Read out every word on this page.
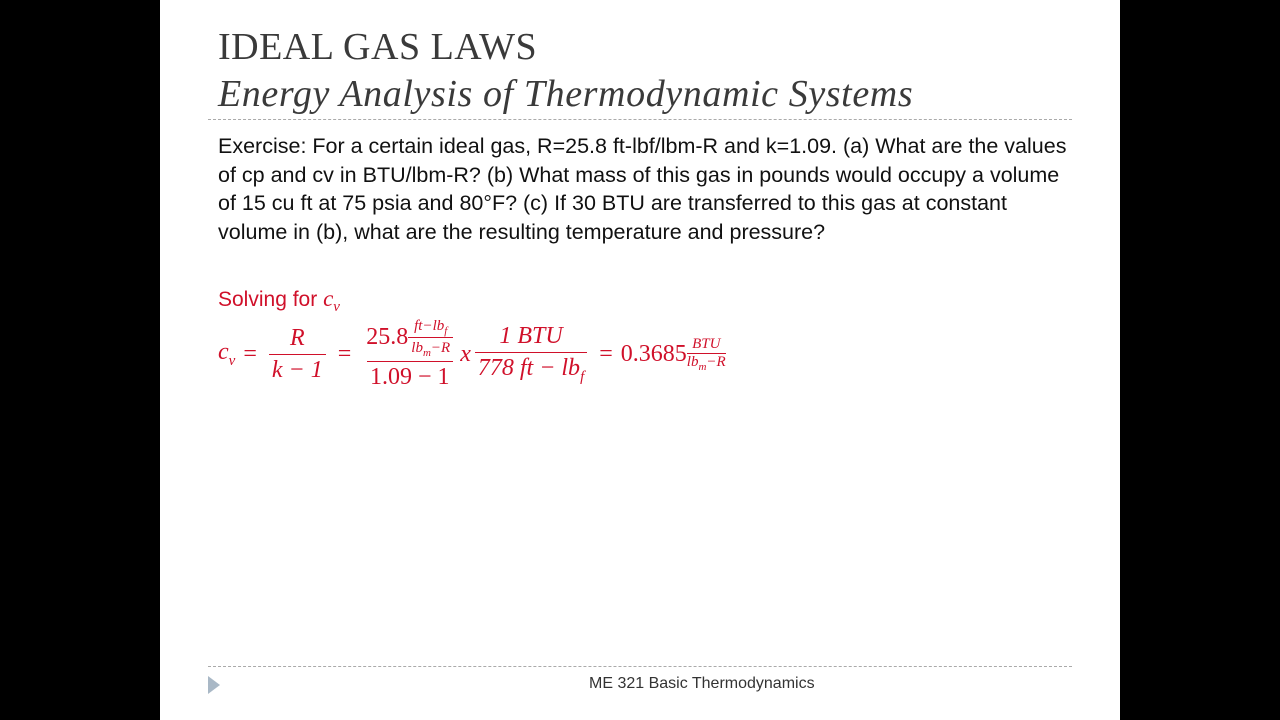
IDEAL GAS LAWS
Energy Analysis of Thermodynamic Systems
Exercise: For a certain ideal gas, R=25.8 ft-lbf/lbm-R and k=1.09. (a) What are the values of cp and cv in BTU/lbm-R? (b) What mass of this gas in pounds would occupy a volume of 15 cu ft at 75 psia and 80°F? (c) If 30 BTU are transferred to this gas at constant volume in (b), what are the resulting temperature and pressure?
Solving for $c_v$
$c_v = \frac{R}{k - 1} = 25.8$ $ft-lb_f$
$lb_m-R$
1.09 − 1 x $\frac{\text{1 BTU}}{778 ft - lb_f} = 0.3685$ BTU
$lb_m-R$
ME 321 Basic Thermodynamics
